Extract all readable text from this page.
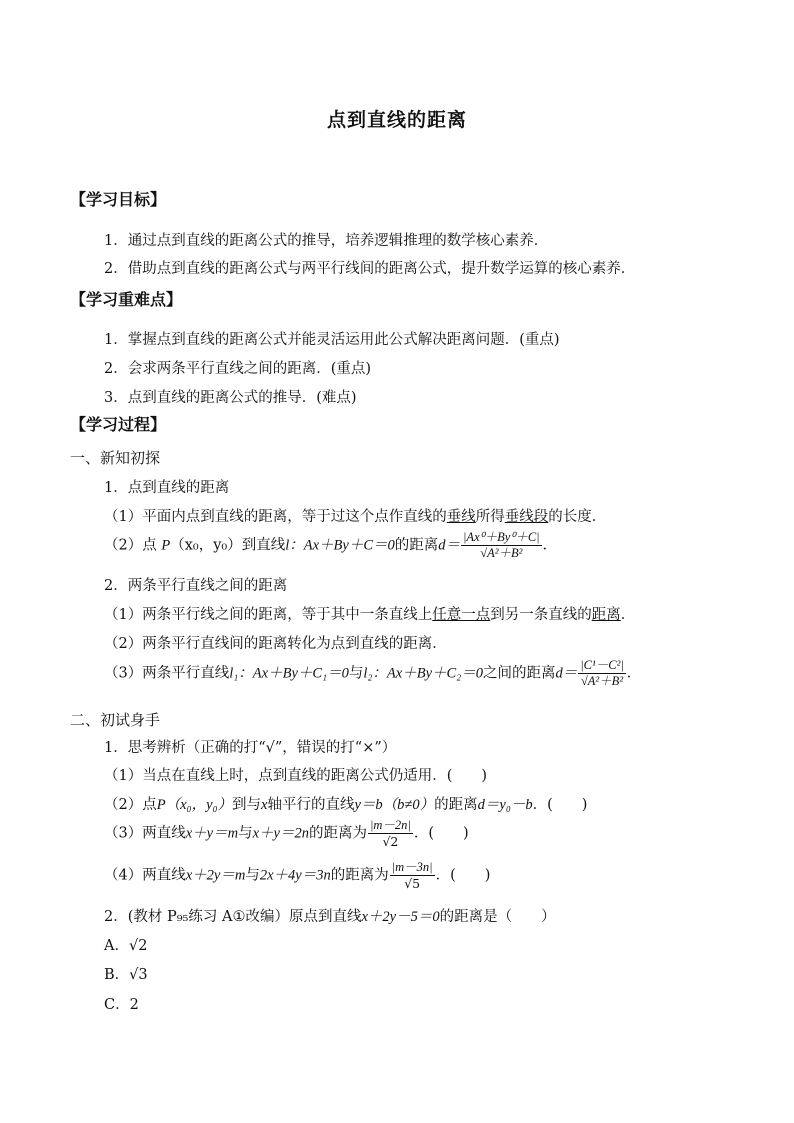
点到直线的距离
【学习目标】
1．通过点到直线的距离公式的推导，培养逻辑推理的数学核心素养．
2．借助点到直线的距离公式与两平行线间的距离公式，提升数学运算的核心素养．
【学习重难点】
1．掌握点到直线的距离公式并能灵活运用此公式解决距离问题．(重点)
2．会求两条平行直线之间的距离．(重点)
3．点到直线的距离公式的推导．(难点)
【学习过程】
一、新知初探
1．点到直线的距离
（1）平面内点到直线的距离，等于过这个点作直线的垂线所得垂线段的长度．
（2）点 P（x₀，y₀）到直线l：Ax＋By＋C＝0的距离$d= \frac{\text{|Ax⁰＋By⁰＋C|}}{\text{√A²＋B²}}$ ．
2．两条平行直线之间的距离
（1）两条平行线之间的距离，等于其中一条直线上任意一点到另一条直线的距离．
（2）两条平行直线间的距离转化为点到直线的距离．
（3）两条平行直线l₁：Ax＋By＋C₁＝0与l₂：Ax＋By＋C₂＝0之间的距离$d= \frac{\text{|C¹－C²|}}{\text{√A²＋B²}}$ ．
二、初试身手
1．思考辨析（正确的打“√”，错误的打“×”）
（1）当点在直线上时，点到直线的距离公式仍适用．(　　)
（2）点P（x₀，y₀）到与x轴平行的直线y＝b（b≠0）的距离d＝y₀－b．(　　)
（3）两直线x＋y＝m与x＋y＝2n的距离为 $\frac{|m-2n|}{√2}$ ．(　　)
（4）两直线x＋2y＝m与2x＋4y＝3n的距离为 $\frac{|m-3n|}{√5}$ ．(　　)
2．(教材 P₉₅练习 A①改编）原点到直线x＋2y－5＝0的距离是（　　）
A．√2
B．√3
C．2
